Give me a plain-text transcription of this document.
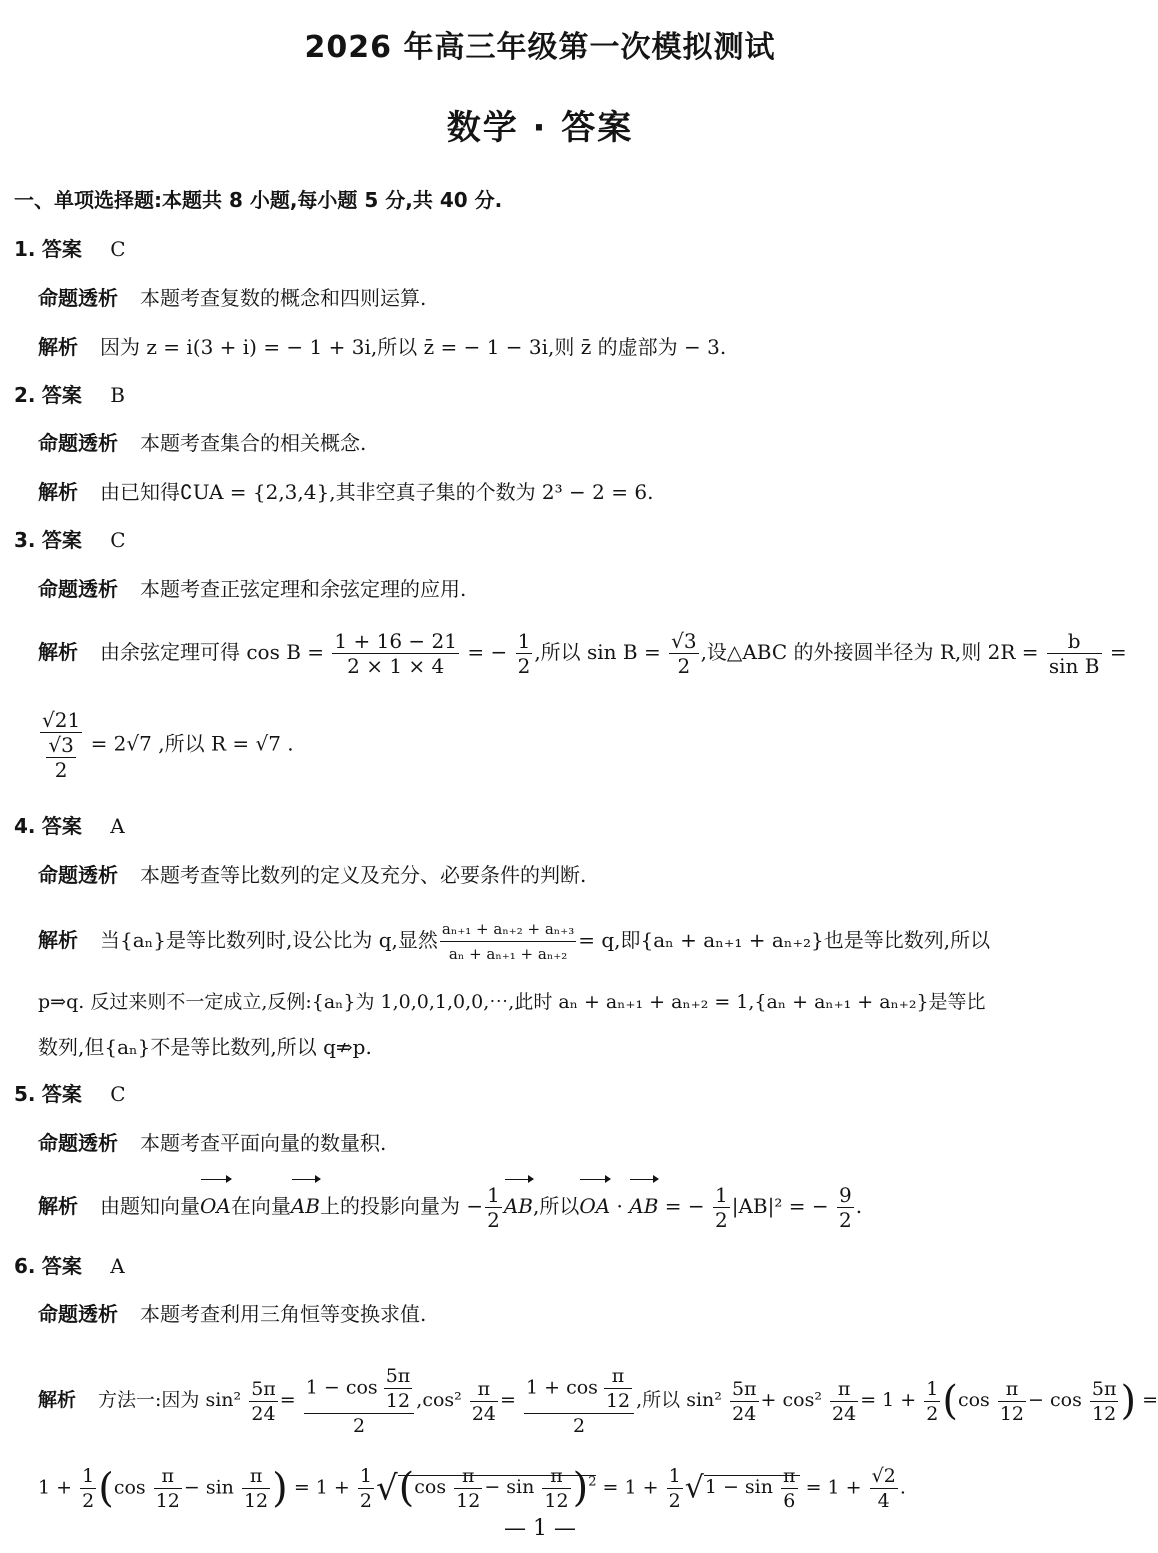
2026 年高三年级第一次模拟测试
数学 · 答案
一、单项选择题:本题共 8 小题,每小题 5 分,共 40 分.
1. 答案 C
命题透析 本题考查复数的概念和四则运算.
解析 因为 z = i(3 + i) = − 1 + 3i,所以 z̄ = − 1 − 3i,则 z̄ 的虚部为 − 3.
2. 答案 B
命题透析 本题考查集合的相关概念.
解析 由已知得∁UA = {2,3,4},其非空真子集的个数为 2³ − 2 = 6.
3. 答案 C
命题透析 本题考查正弦定理和余弦定理的应用.
解析 由余弦定理可得 $\cos B = \frac{1 + 16 - 21}{2 \times 1 \times 4}$ = − $\frac{1}{2}$ ,所以 $\sin B = \frac{√3}{2}$ ,设△ABC 的外接圆半径为 R,则 $2R = \frac{b}{\text{sin B}}$ =
$\frac{√21}{\frac{√3}{2}} = 2√7$ ,所以 R = √7 .
4. 答案 A
命题透析 本题考查等比数列的定义及充分、必要条件的判断.
解析 当{aₙ}是等比数列时,设公比为 q,显然 $\frac{\text{aₙ₊₁ + aₙ₊₂ + aₙ₊₃}}{\text{aₙ + aₙ₊₁ + aₙ₊₂}} = q$,即{aₙ + aₙ₊₁ + aₙ₊₂}也是等比数列,所以
p⇒q. 反过来则不一定成立,反例:{aₙ}为 1,0,0,1,0,0,⋯,此时 aₙ + aₙ₊₁ + aₙ₊₂ = 1,{aₙ + aₙ₊₁ + aₙ₊₂}是等比
数列,但{aₙ}不是等比数列,所以 q⇏p.
5. 答案 C
命题透析 本题考查平面向量的数量积.
解析 由题知向量OA在向量AB上的投影向量为 − $\frac{1}{2}$ AB,所以OA · AB = − $\frac{1}{2} |AB|^2$ = − $\frac{9}{2}$ .
6. 答案 A
命题透析 本题考查利用三角恒等变换求值.
解析 方法一:因为 $\sin^2 \frac{5\pi}{24} = \frac{1 - \cos \frac{5\pi}{12}}{2} ,\cos^2 \frac{\pi}{24} = \frac{1 + \cos \frac{\pi}{12}}{2}$ ,所以 $\sin^2 \frac{5\pi}{24} + \cos^2 \frac{\pi}{24} = 1 + \frac{1}{2} (\cos \frac{\pi}{12} - \cos \frac{5\pi}{12}$ ) =
$1 + \frac{1}{2} (\cos \frac{\pi}{12} - \sin \frac{\pi}{12}$ ) = $1 + \frac{1}{2} √(\cos \frac{\pi}{12} - \sin \frac{\pi}{12} )^2 = 1 + \frac{1}{2} √1 - \sin \frac{\pi}{6} = 1 + \frac{√2}{4}$ .
— 1 —
